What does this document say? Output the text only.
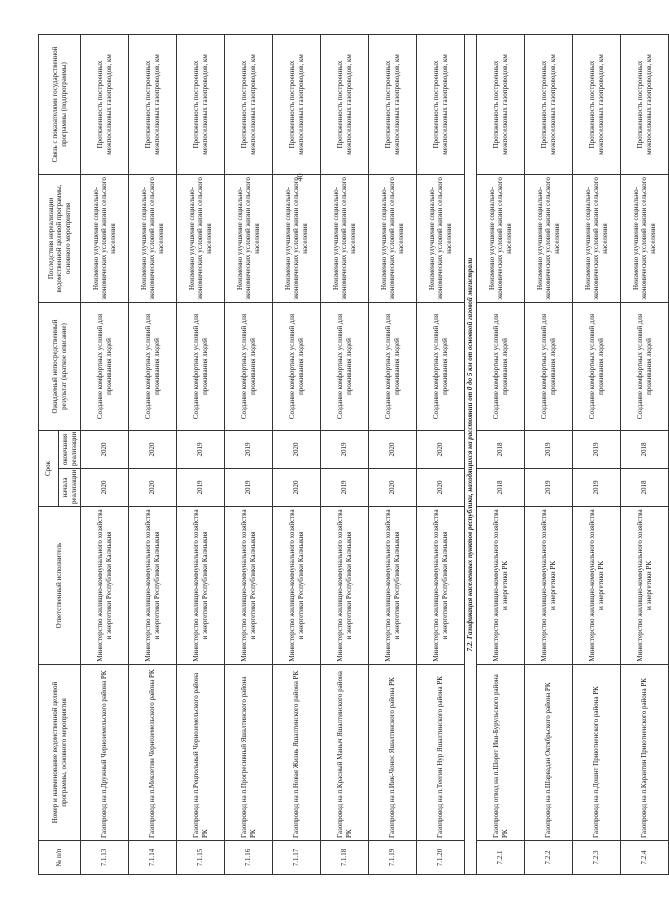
№ п/п	Номер и наименование ведомственной целевой программы, основного мероприятия	Ответственный исполнитель	Срок		Ожидаемый непосредственный результат (краткое описание)	Последствия нереализации ведомственной целевой программы, основного мероприятия	Связь с показателями государственной программы (подпрограммы)
			начала реализации	окончания реализации			
7.1.13	Газопровод на п.Дружный Черноземельского района РК	Министерство жилищно-коммунального хозяйства и энергетики Республики Калмыкия	2020	2020	Создание комфортных условий для проживания людей	Неизменно улучшение социально-экономических условий жизни сельского населения	Протяженность построенных межпоселковых газопроводов, км
7.1.14	Газопровод на п.Меклетин Черноземельского района РК	Министерство жилищно-коммунального хозяйства и энергетики Республики Калмыкия	2020	2020	Создание комфортных условий для проживания людей	Неизменно улучшение социально-экономических условий жизни сельского населения	Протяженность построенных межпоселковых газопроводов, км
7.1.15	Газопровод на п.Рецпольный Черноземельского района РК	Министерство жилищно-коммунального хозяйства и энергетики Республики Калмыкия	2019	2019	Создание комфортных условий для проживания людей	Неизменно улучшение социально-экономических условий жизни сельского населения	Протяженность построенных межпоселковых газопроводов, км
7.1.16	Газопровод на п.Прогресивный Яшалтинского района РК	Министерство жилищно-коммунального хозяйства и энергетики Республики Калмыкия	2019	2019	Создание комфортных условий для проживания людей	Неизменно улучшение социально-экономических условий жизни сельского населения	Протяженность построенных межпоселковых газопроводов, км
7.1.17	Газопровод на п.Новая Жизнь Яшалтинского района РК	Министерство жилищно-коммунального хозяйства и энергетики Республики Калмыкия	2020	2020	Создание комфортных условий для проживания людей	Неизменно улучшение социально-экономических условий жизни сельского населения	Протяженность построенных межпоселковых газопроводов, км
7.1.18	Газопровод на п.Красный Маныч Яшалтинского района РК	Министерство жилищно-коммунального хозяйства и энергетики Республики Калмыкия	2019	2019	Создание комфортных условий для проживания людей	Неизменно улучшение социально-экономических условий жизни сельского населения	Протяженность построенных межпоселковых газопроводов, км
7.1.19	Газопровод на п.Иик-Чонос Яшалтинского района РК	Министерство жилищно-коммунального хозяйства и энергетики Республики Калмыкия	2020	2020	Создание комфортных условий для проживания людей	Неизменно улучшение социально-экономических условий жизни сельского населения	Протяженность построенных межпоселковых газопроводов, км
7.1.20	Газопровод на п.Теегин Нур Яшалтинского района РК	Министерство жилищно-коммунального хозяйства и энергетики Республики Калмыкия	2020	2020	Создание комфортных условий для проживания людей	Неизменно улучшение социально-экономических условий жизни сельского населения	Протяженность построенных межпоселковых газопроводов, км
7.2. Газификация населенных пунктов республики, находящихся на расстоянии от 0 до 5 км от основной газовой магистрали							
7.2.1	Газопровод отвод на п.Шорет Ики-Бурульского района РК	Министерство жилищно-коммунального хозяйства и энергетики РК	2018	2018	Создание комфортных условий для проживания людей	Неизменно улучшение социально-экономических условий жизни сельского населения	Протяженность построенных межпоселковых газопроводов, км
7.2.2	Газопровод на п.Шарвадан Октябрьского района РК	Министерство жилищно-коммунального хозяйства и энергетики РК	2019	2019	Создание комфортных условий для проживания людей	Неизменно улучшение социально-экономических условий жизни сельского населения	Протяженность построенных межпоселковых газопроводов, км
7.2.3	Газопровод на п.Дошнт Приютненского района РК	Министерство жилищно-коммунального хозяйства и энергетики РК	2019	2019	Создание комфортных условий для проживания людей	Неизменно улучшение социально-экономических условий жизни сельского населения	Протяженность построенных межпоселковых газопроводов, км
7.2.4	Газопровод на п.Карантин Приютненского района РК	Министерство жилищно-коммунального хозяйства и энергетики РК	2018	2018	Создание комфортных условий для проживания людей	Неизменно улучшение социально-экономических условий жизни сельского населения	Протяженность построенных межпоселковых газопроводов, км
40
